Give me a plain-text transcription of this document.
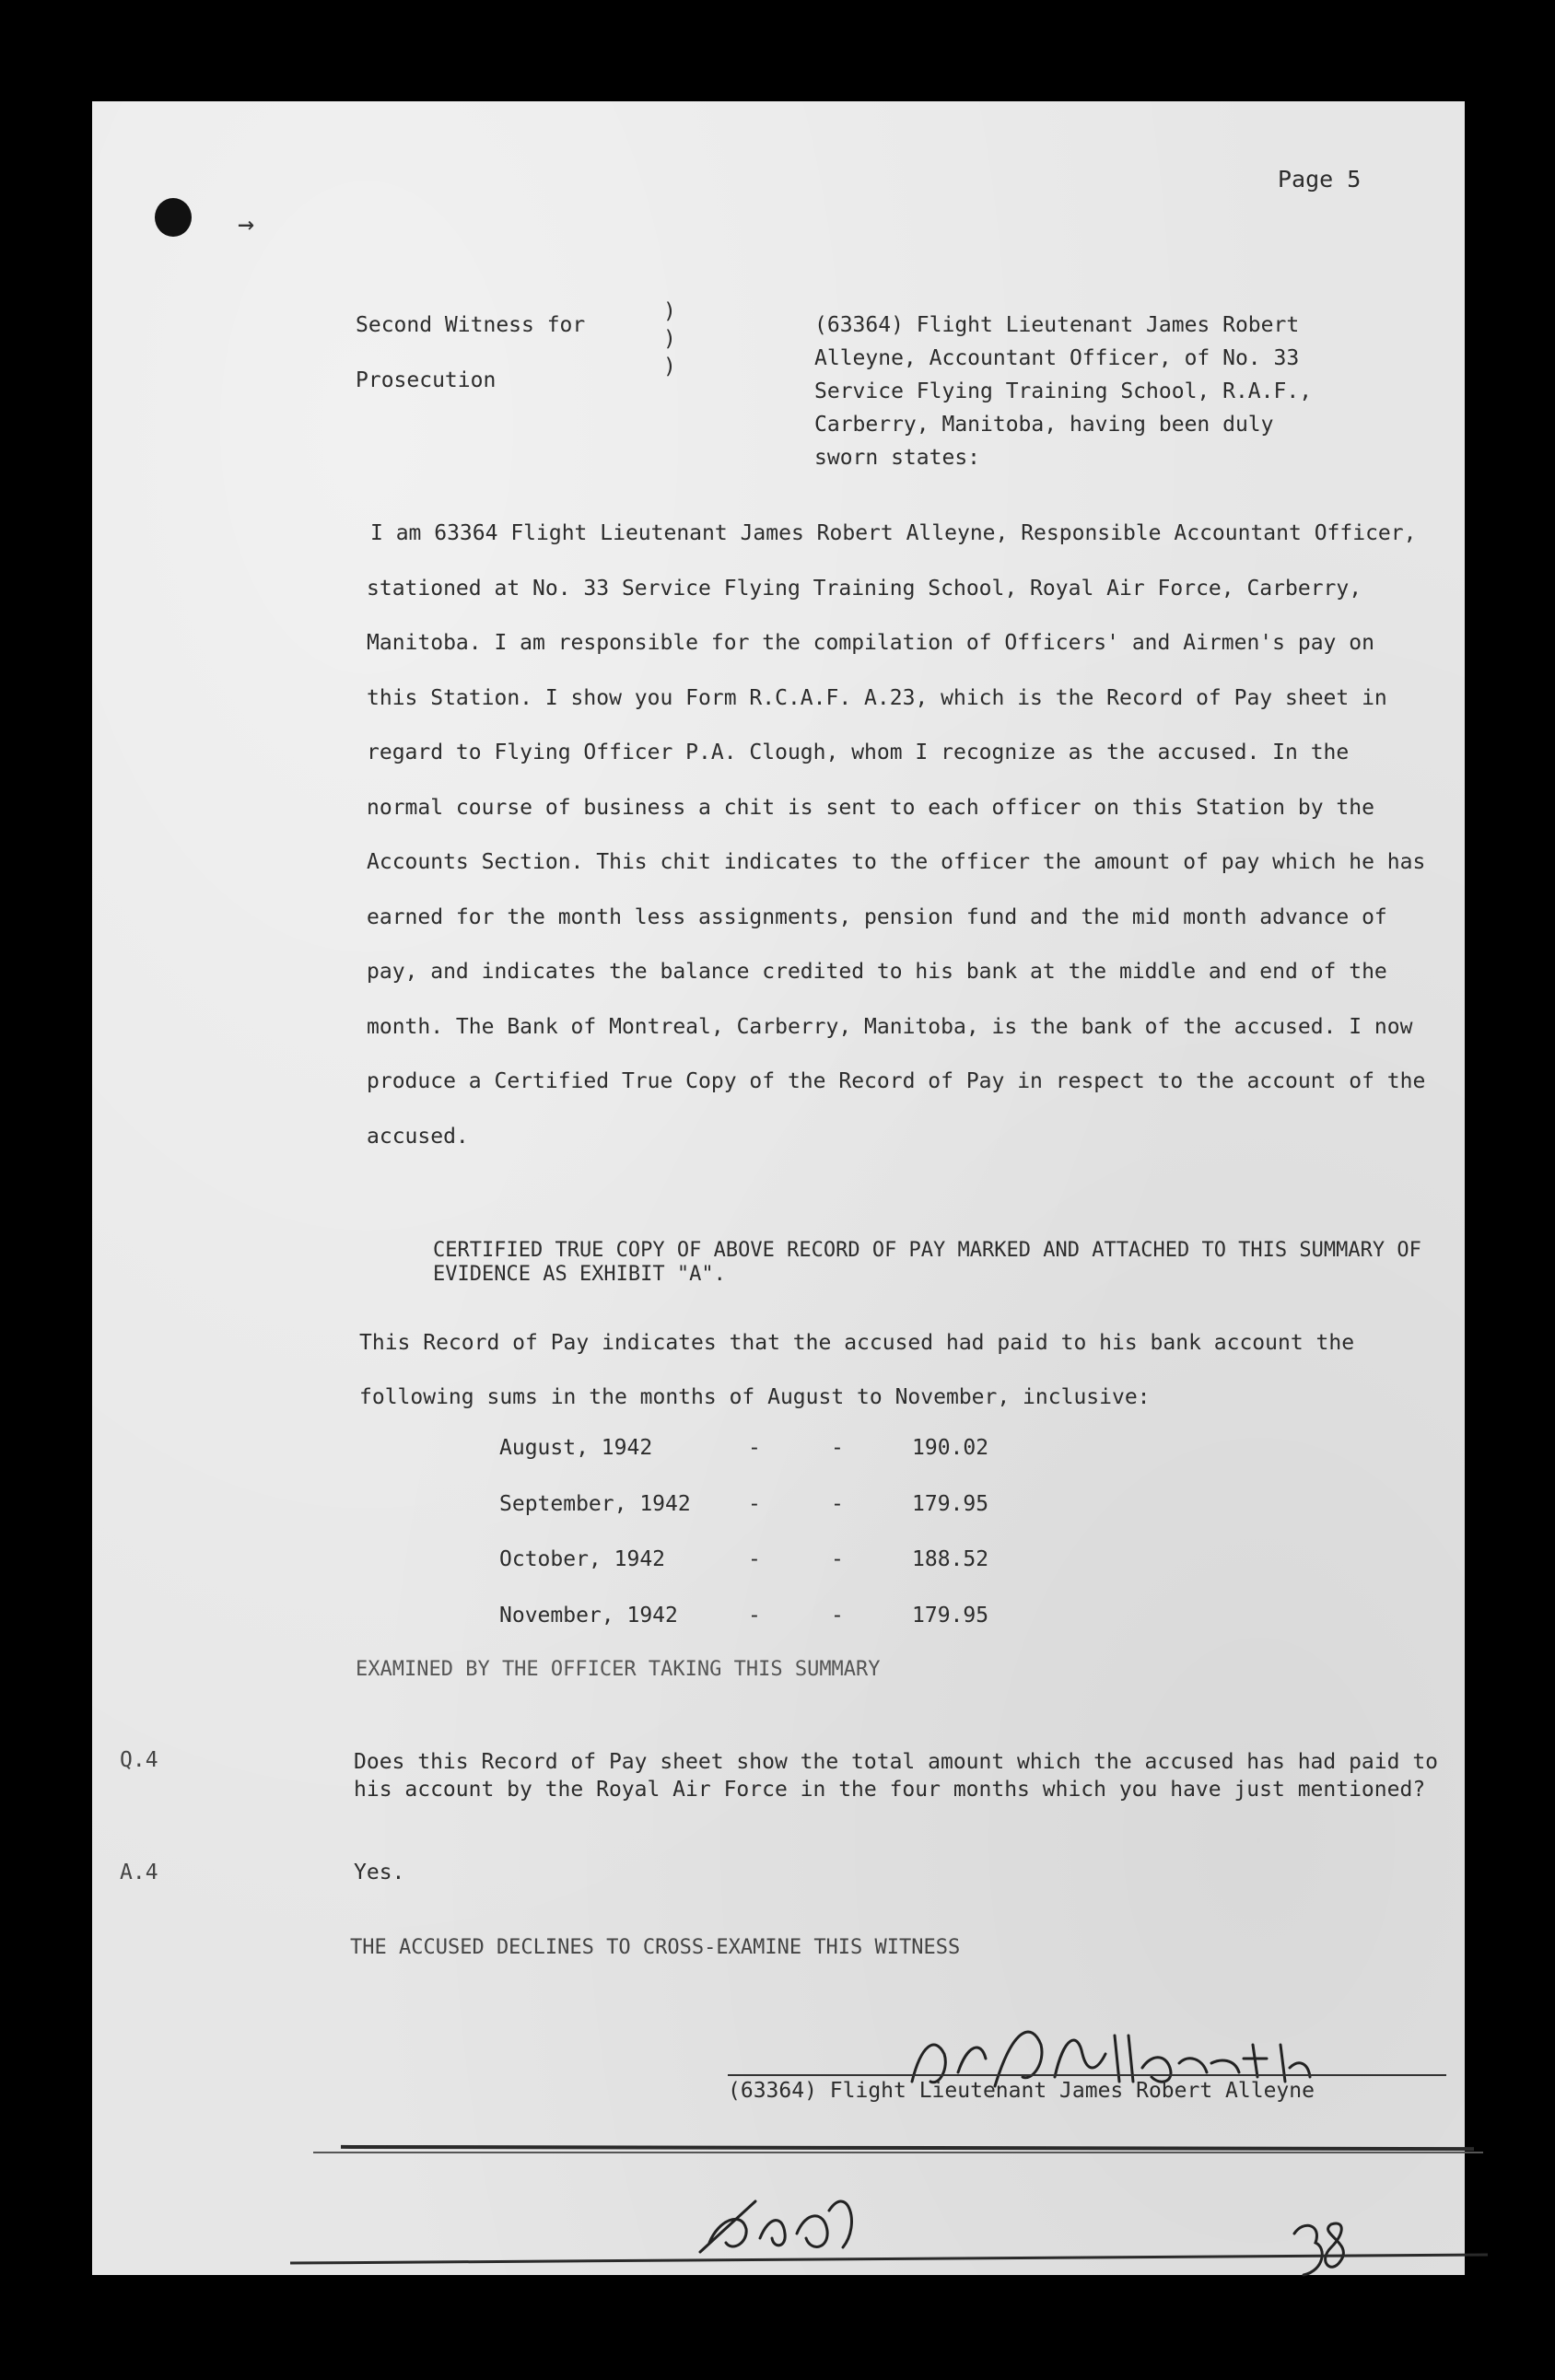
Page 5
→
Second Witness for
Prosecution
)
)
)
(63364) Flight Lieutenant James Robert Alleyne, Accountant Officer, of No. 33 Service Flying Training School, R.A.F., Carberry, Manitoba, having been duly sworn states:
I am 63364 Flight Lieutenant James Robert Alleyne, Responsible Accountant Officer, stationed at No. 33 Service Flying Training School, Royal Air Force, Carberry, Manitoba. I am responsible for the compilation of Officers' and Airmen's pay on this Station. I show you Form R.C.A.F. A.23, which is the Record of Pay sheet in regard to Flying Officer P.A. Clough, whom I recognize as the accused. In the normal course of business a chit is sent to each officer on this Station by the Accounts Section. This chit indicates to the officer the amount of pay which he has earned for the month less assignments, pension fund and the mid month advance of pay, and indicates the balance credited to his bank at the middle and end of the month. The Bank of Montreal, Carberry, Manitoba, is the bank of the accused. I now produce a Certified True Copy of the Record of Pay in respect to the account of the accused.
CERTIFIED TRUE COPY OF ABOVE RECORD OF PAY MARKED AND ATTACHED TO THIS SUMMARY OF EVIDENCE AS EXHIBIT "A".
This Record of Pay indicates that the accused had paid to his bank account the following sums in the months of August to November, inclusive:
August, 1942	-	-	190.02
September, 1942	-	-	179.95
October, 1942	-	-	188.52
November, 1942	-	-	179.95
EXAMINED BY THE OFFICER TAKING THIS SUMMARY
Q.4	Does this Record of Pay sheet show the total amount which the accused has had paid to his account by the Royal Air Force in the four months which you have just mentioned?
A.4	Yes.
THE ACCUSED DECLINES TO CROSS-EXAMINE THIS WITNESS
(63364) Flight Lieutenant James Robert Alleyne
